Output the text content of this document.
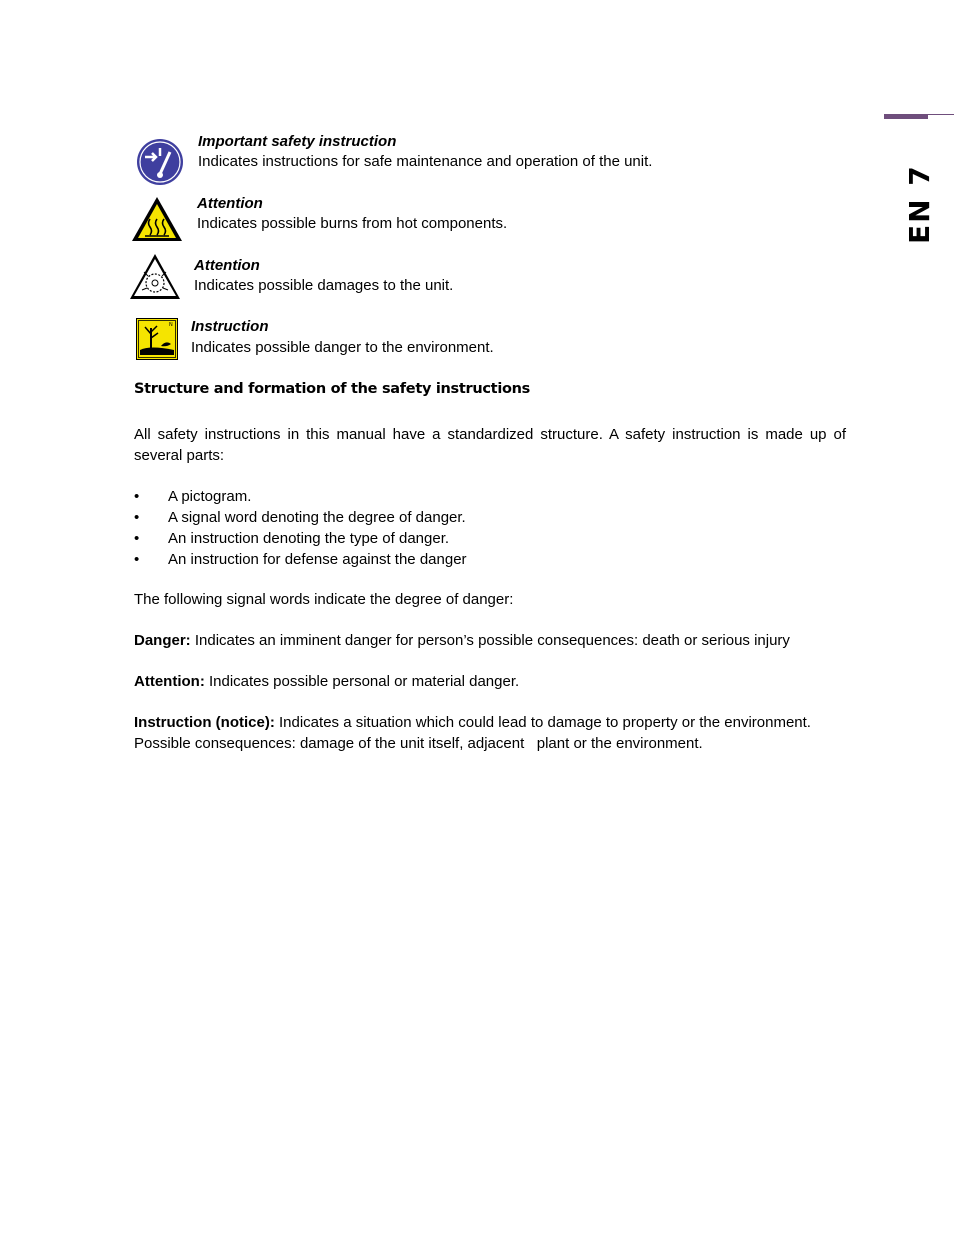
EN 7
Important safety instruction
Indicates instructions for safe maintenance and operation of the unit.
Attention
Indicates possible burns from hot components.
Attention
Indicates possible damages to the unit.
N Instruction
Indicates possible danger to the environment.
Structure and formation of the safety instructions
All safety instructions in this manual have a standardized structure. A safety instruction is made up of several parts:
• A pictogram.
• A signal word denoting the degree of danger.
• An instruction denoting the type of danger.
• An instruction for defense against the danger
The following signal words indicate the degree of danger:
Danger: Indicates an imminent danger for person’s possible consequences: death or serious injury
Attention: Indicates possible personal or material danger.
Instruction (notice): Indicates a situation which could lead to damage to property or the environment. Possible consequences: damage of the unit itself, adjacent   plant or the environment.
